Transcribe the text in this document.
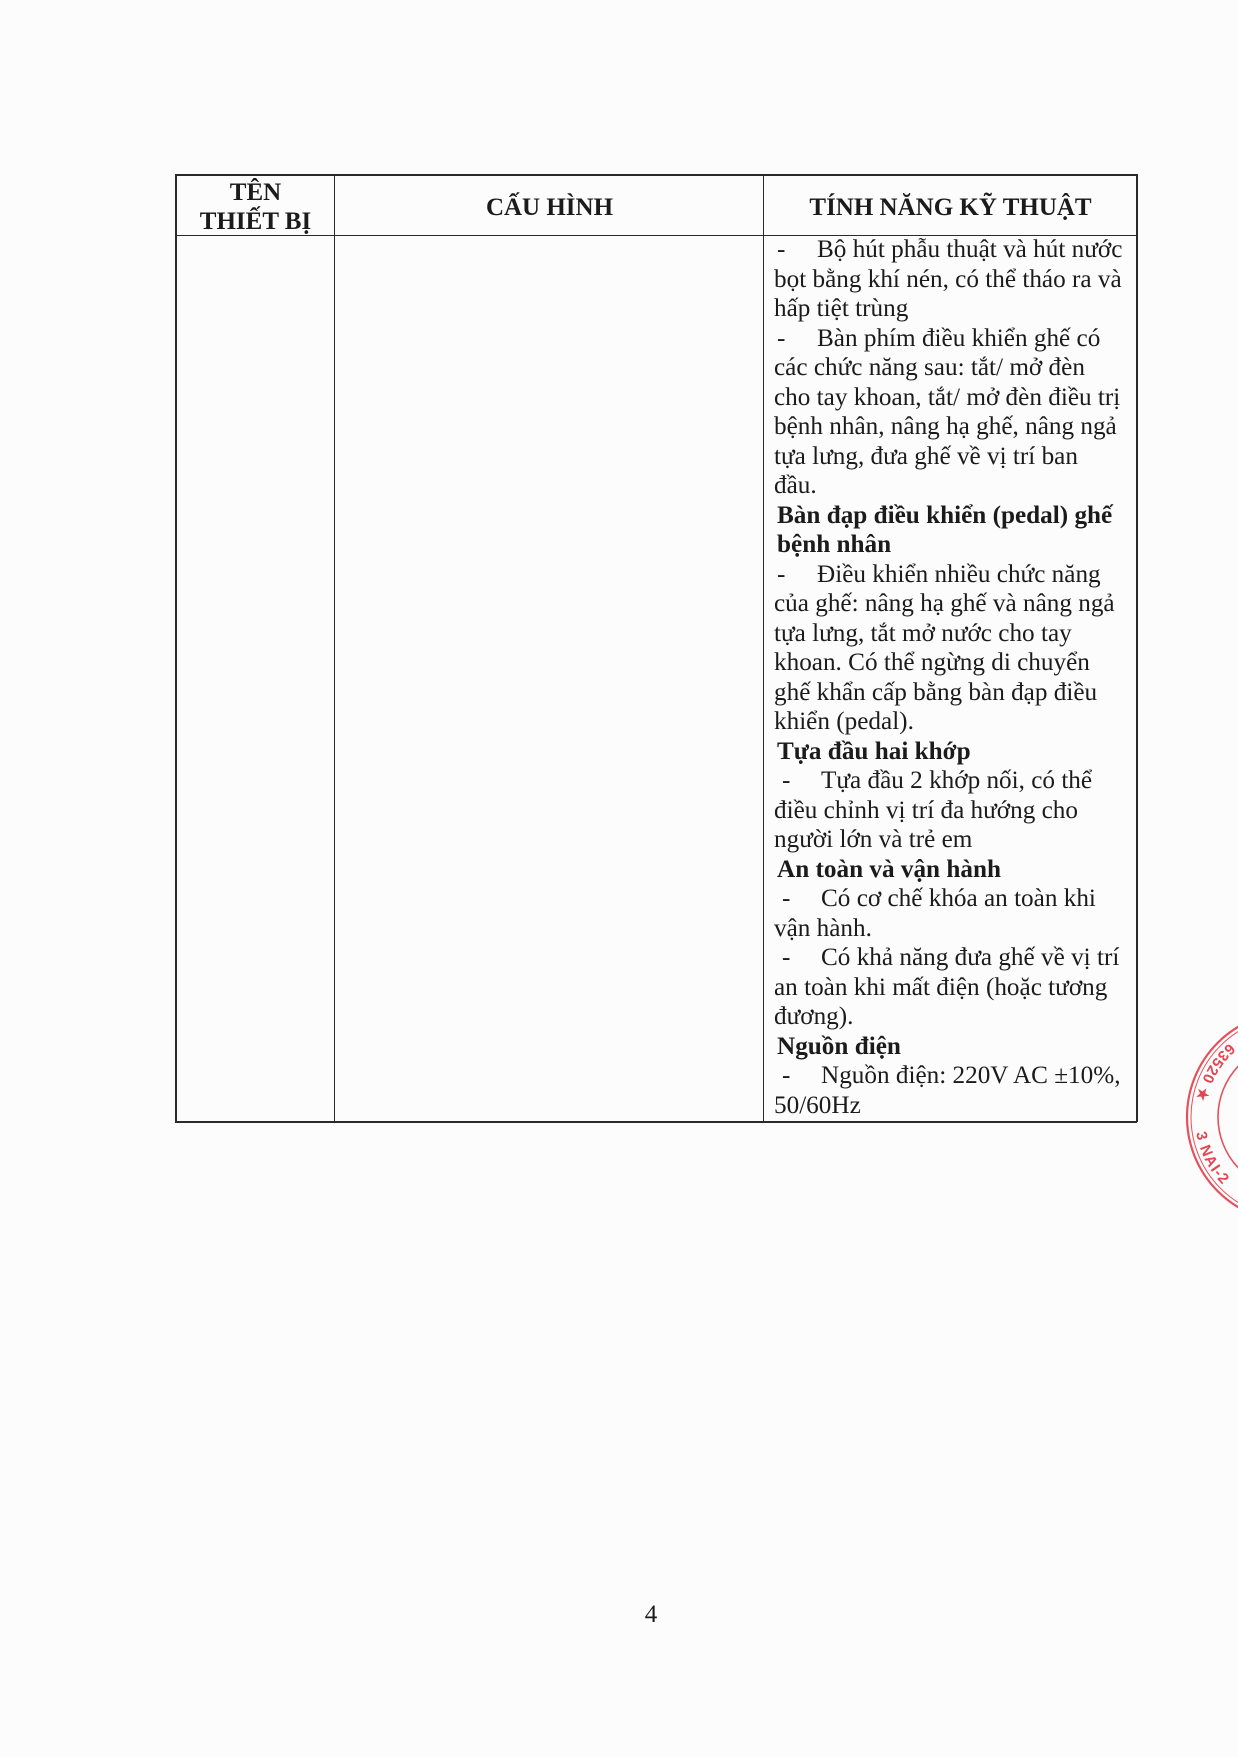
TÊN
THIẾT BỊ
CẤU HÌNH	TÍNH NĂNG KỸ THUẬT
- Bộ hút phẫu thuật và hút nước
bọt bằng khí nén, có thể tháo ra và
hấp tiệt trùng
- Bàn phím điều khiển ghế có
các chức năng sau: tắt/ mở đèn
cho tay khoan, tắt/ mở đèn điều trị
bệnh nhân, nâng hạ ghế, nâng ngả
tựa lưng, đưa ghế về vị trí ban
đầu.
Bàn đạp điều khiển (pedal) ghế
bệnh nhân
- Điều khiển nhiều chức năng
của ghế: nâng hạ ghế và nâng ngả
tựa lưng, tắt mở nước cho tay
khoan. Có thể ngừng di chuyển
ghế khẩn cấp bằng bàn đạp điều
khiển (pedal).
Tựa đầu hai khớp
- Tựa đầu 2 khớp nối, có thể
điều chỉnh vị trí đa hướng cho
người lớn và trẻ em
An toàn và vận hành
- Có cơ chế khóa an toàn khi
vận hành.
- Có khả năng đưa ghế về vị trí
an toàn khi mất điện (hoặc tương
đương).
Nguồn điện
- Nguồn điện: 220V AC ±10%,
50/60Hz
4
63520 ★
3 NAI-2
